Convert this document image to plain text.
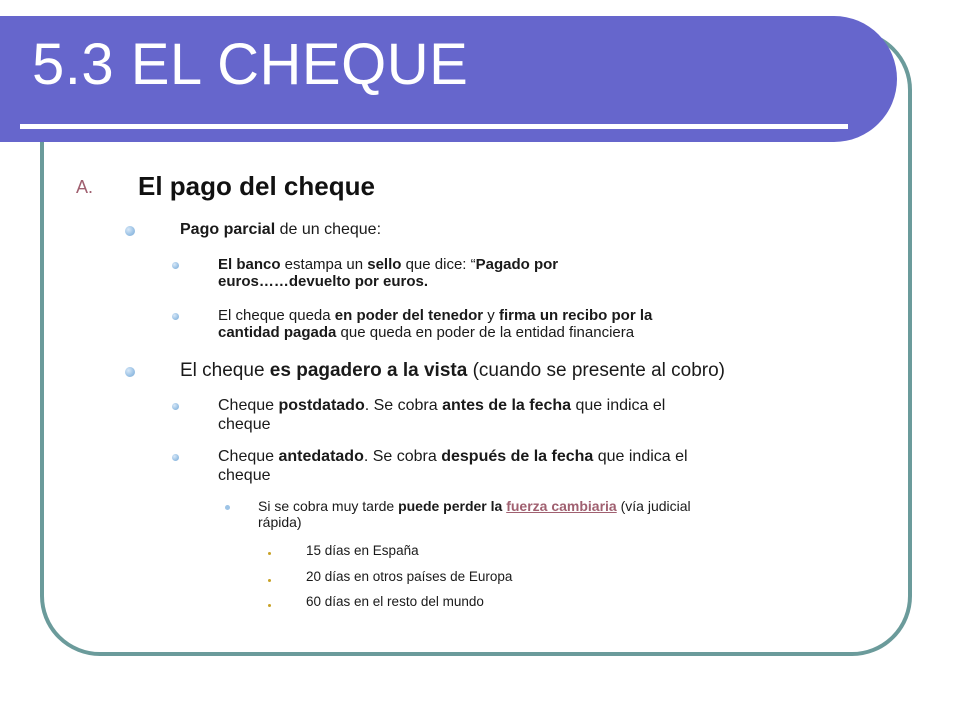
5.3 EL CHEQUE
A. El pago del cheque

Pago parcial de un cheque:

El banco estampa un sello que dice: “Pagado por
euros……devuelto por euros.

El cheque queda en poder del tenedor y firma un recibo por la
cantidad pagada que queda en poder de la entidad financiera

El cheque es pagadero a la vista (cuando se presente al cobro)

Cheque postdatado. Se cobra antes de la fecha que indica el
cheque

Cheque antedatado. Se cobra después de la fecha que indica el
cheque

Si se cobra muy tarde puede perder la fuerza cambiaria (vía judicial
rápida)

15 días en España

20 días en otros países de Europa

60 días en el resto del mundo
